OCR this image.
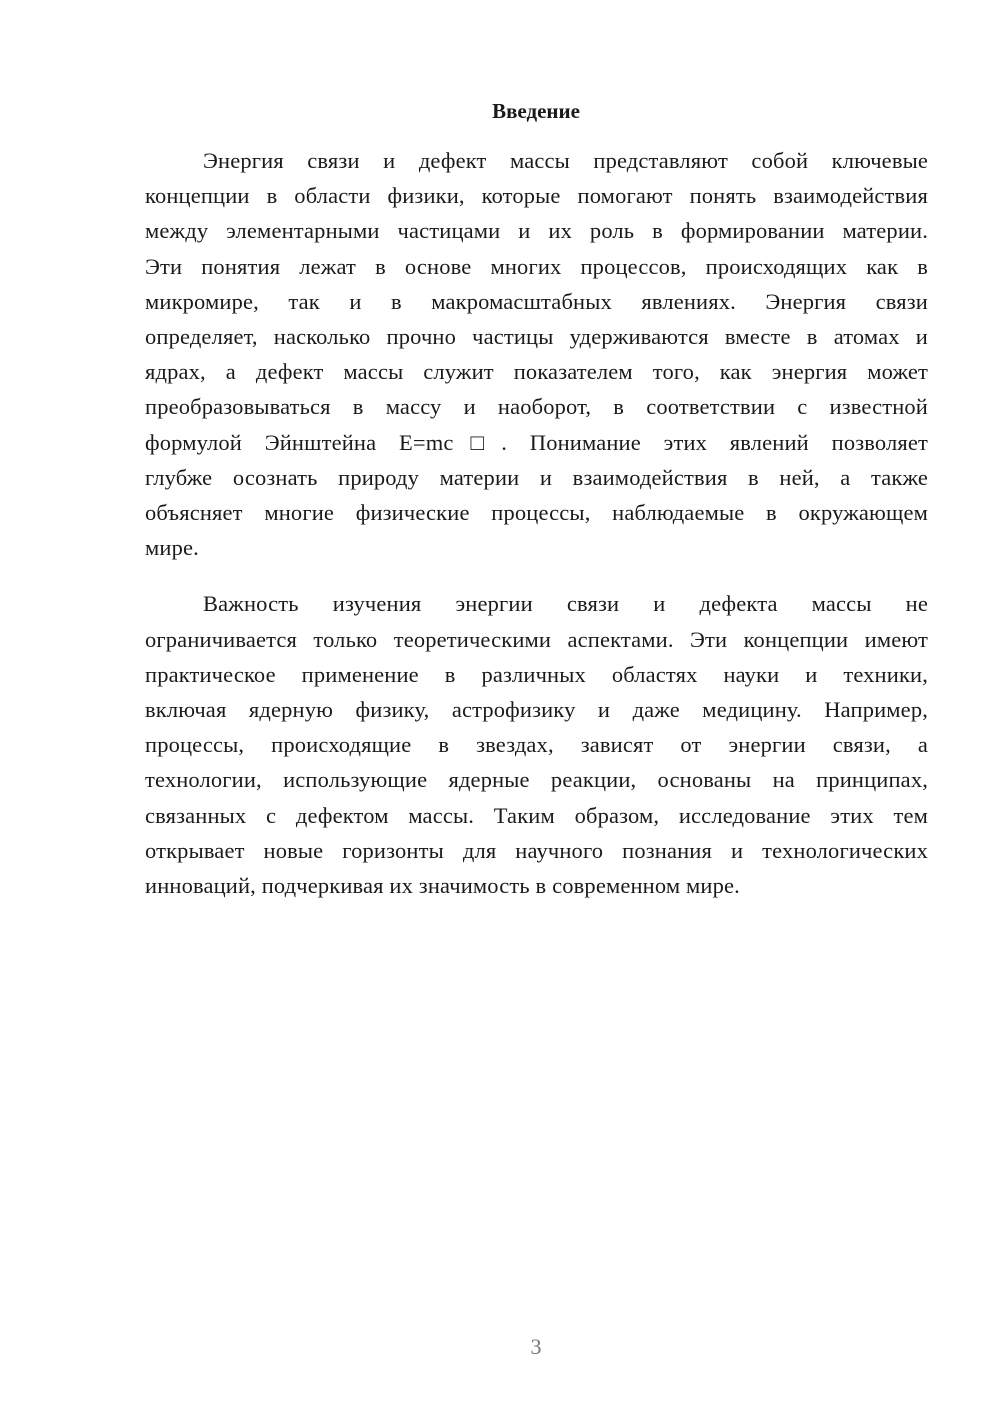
Введение

Энергия связи и дефект массы представляют собой ключевые
концепции в области физики, которые помогают понять взаимодействия
между элементарными частицами и их роль в формировании материи.
Эти понятия лежат в основе многих процессов, происходящих как в
микромире, так и в макромасштабных явлениях. Энергия связи
определяет, насколько прочно частицы удерживаются вместе в атомах и
ядрах, а дефект массы служит показателем того, как энергия может
преобразовываться в массу и наоборот, в соответствии с известной
формулой Эйнштейна E=mc□. Понимание этих явлений позволяет
глубже осознать природу материи и взаимодействия в ней, а также
объясняет многие физические процессы, наблюдаемые в окружающем
мире.

Важность изучения энергии связи и дефекта массы не
ограничивается только теоретическими аспектами. Эти концепции имеют
практическое применение в различных областях науки и техники,
включая ядерную физику, астрофизику и даже медицину. Например,
процессы, происходящие в звездах, зависят от энергии связи, а
технологии, использующие ядерные реакции, основаны на принципах,
связанных с дефектом массы. Таким образом, исследование этих тем
открывает новые горизонты для научного познания и технологических
инноваций, подчеркивая их значимость в современном мире.

3
